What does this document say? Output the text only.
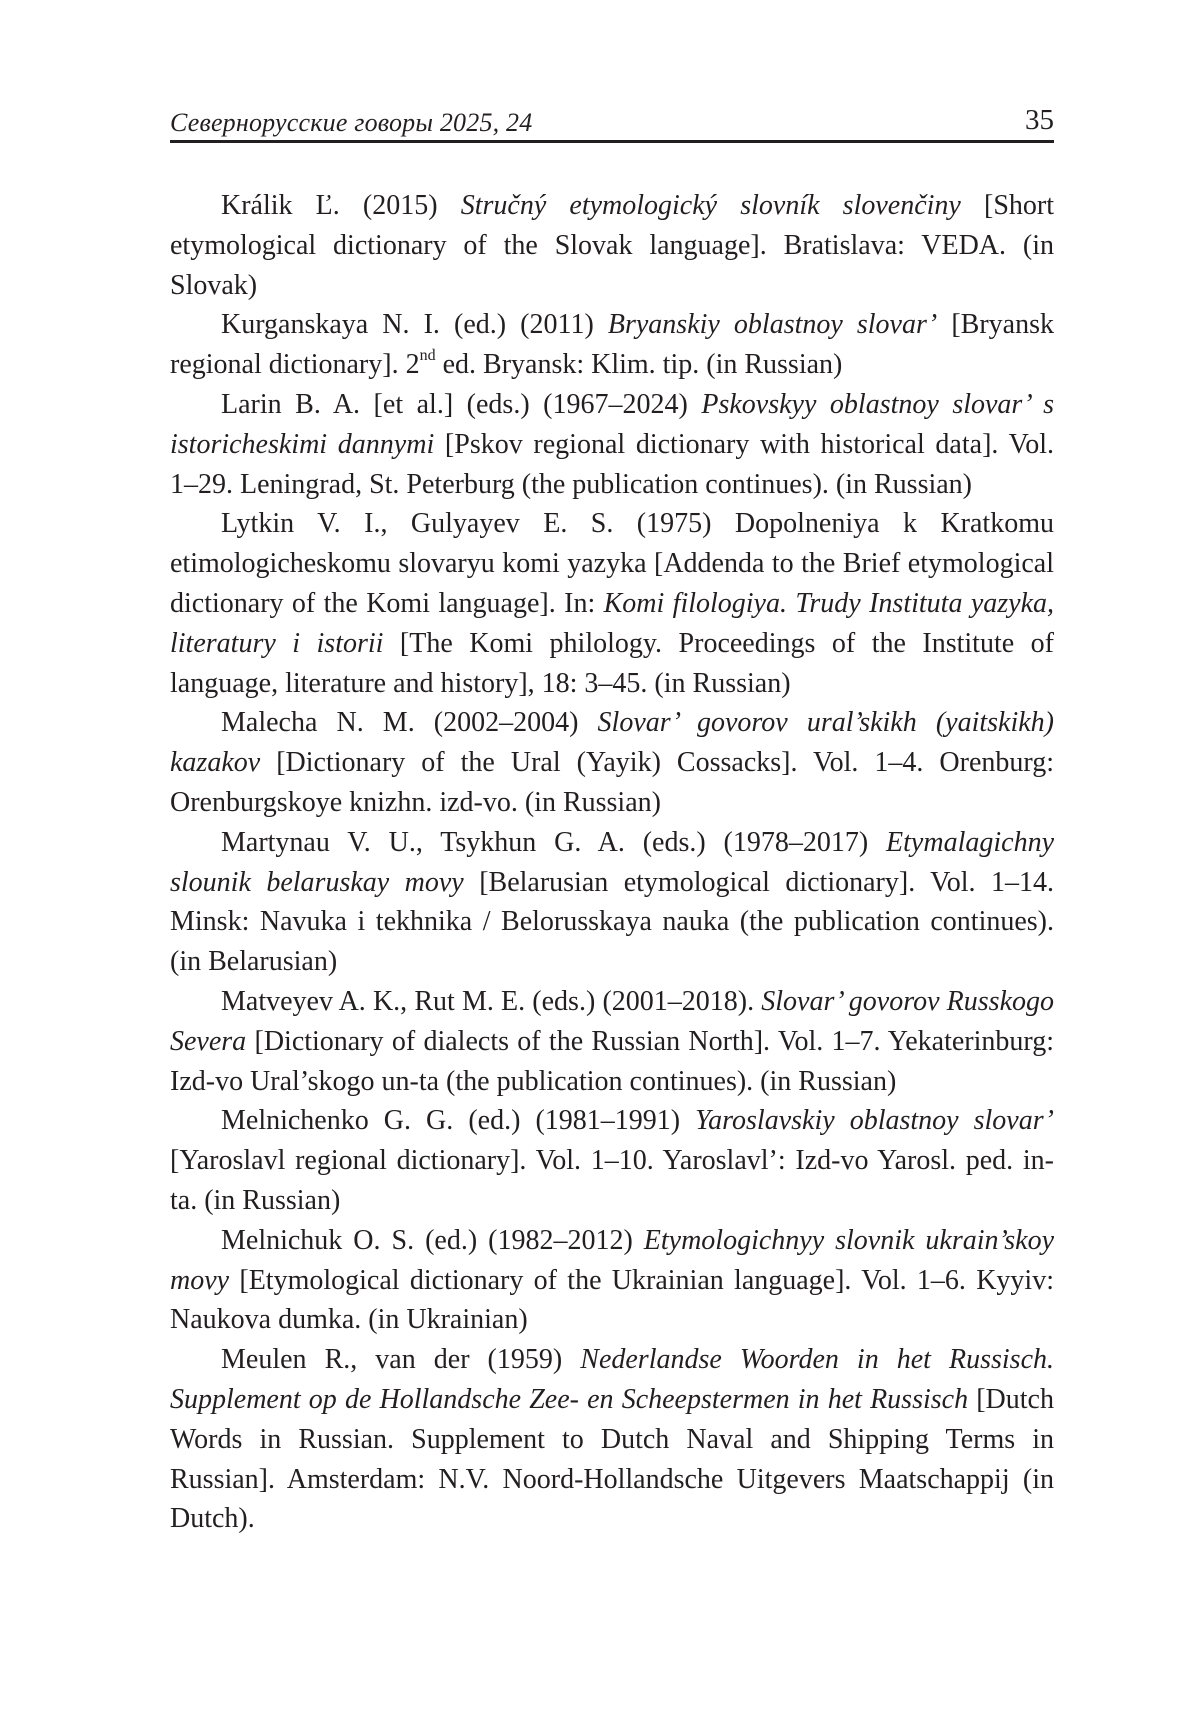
Севернорусские говоры 2025, 24	35

Králik Ľ. (2015) Stručný etymologický slovník slovenčiny [Short etymological dictionary of the Slovak language]. Bratislava: VEDA. (in Slovak)

Kurganskaya N. I. (ed.) (2011) Bryanskiy oblastnoy slovar’ [Bryansk regional dictionary]. 2nd ed. Bryansk: Klim. tip. (in Russian)

Larin B. A. [et al.] (eds.) (1967–2024) Pskovskyy oblastnoy slovar’ s istoricheskimi dannymi [Pskov regional dictionary with historical data]. Vol. 1–29. Leningrad, St. Peterburg (the publication continues). (in Russian)

Lytkin V. I., Gulyayev E. S. (1975) Dopolneniya k Kratkomu etimologicheskomu slovaryu komi yazyka [Addenda to the Brief etymological dictionary of the Komi language]. In: Komi filologiya. Trudy Instituta yazyka, literatury i istorii [The Komi philology. Proceedings of the Institute of language, literature and history], 18: 3–45. (in Russian)

Malecha N. M. (2002–2004) Slovar’ govorov ural’skikh (yaitskikh) kazakov [Dictionary of the Ural (Yayik) Cossacks]. Vol. 1–4. Orenburg: Orenburgskoye knizhn. izd-vo. (in Russian)

Martynau V. U., Tsykhun G. A. (eds.) (1978–2017) Etymalagichny slounik belaruskay movy [Belarusian etymological dictionary]. Vol. 1–14. Minsk: Navuka i tekhnika / Belorusskaya nauka (the publication continues). (in Belarusian)

Matveyev A. K., Rut M. E. (eds.) (2001–2018). Slovar’ govorov Russkogo Severa [Dictionary of dialects of the Russian North]. Vol. 1–7. Yekaterinburg: Izd-vo Ural’skogo un-ta (the publication continues). (in Russian)

Melnichenko G. G. (ed.) (1981–1991) Yaroslavskiy oblastnoy slovar’ [Yaroslavl regional dictionary]. Vol. 1–10. Yaroslavl’: Izd-vo Yarosl. ped. in-ta. (in Russian)

Melnichuk O. S. (ed.) (1982–2012) Etymologichnyy slovnik ukrain’skoy movy [Etymological dictionary of the Ukrainian language]. Vol. 1–6. Kyyiv: Naukova dumka. (in Ukrainian)

Meulen R., van der (1959) Nederlandse Woorden in het Russisch. Supplement op de Hollandsche Zee- en Scheepstermen in het Russisch [Dutch Words in Russian. Supplement to Dutch Naval and Shipping Terms in Russian]. Amsterdam: N.V. Noord-Hollandsche Uitgevers Maatschappij (in Dutch).
